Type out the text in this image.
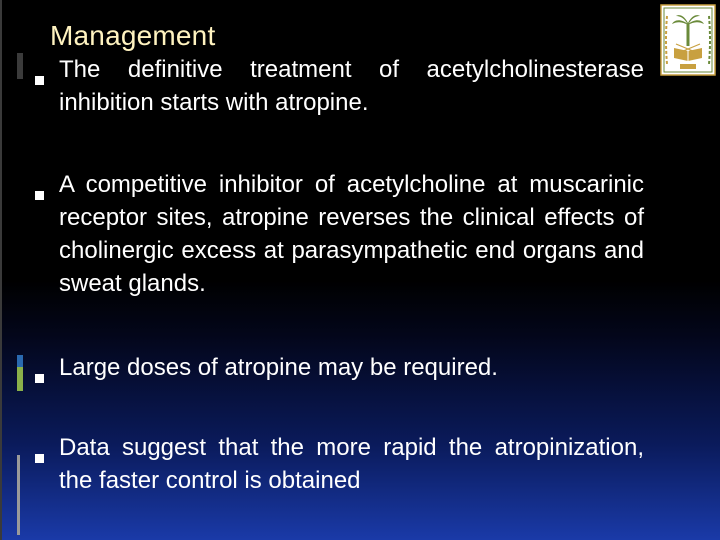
Management
The definitive treatment of acetylcholinesterase inhibition starts with atropine.
A competitive inhibitor of acetylcholine at muscarinic receptor sites, atropine reverses the clinical effects of cholinergic excess at parasympathetic end organs and sweat glands.
Large doses of atropine may be required.
Data suggest that the more rapid the atropinization, the faster control is obtained
